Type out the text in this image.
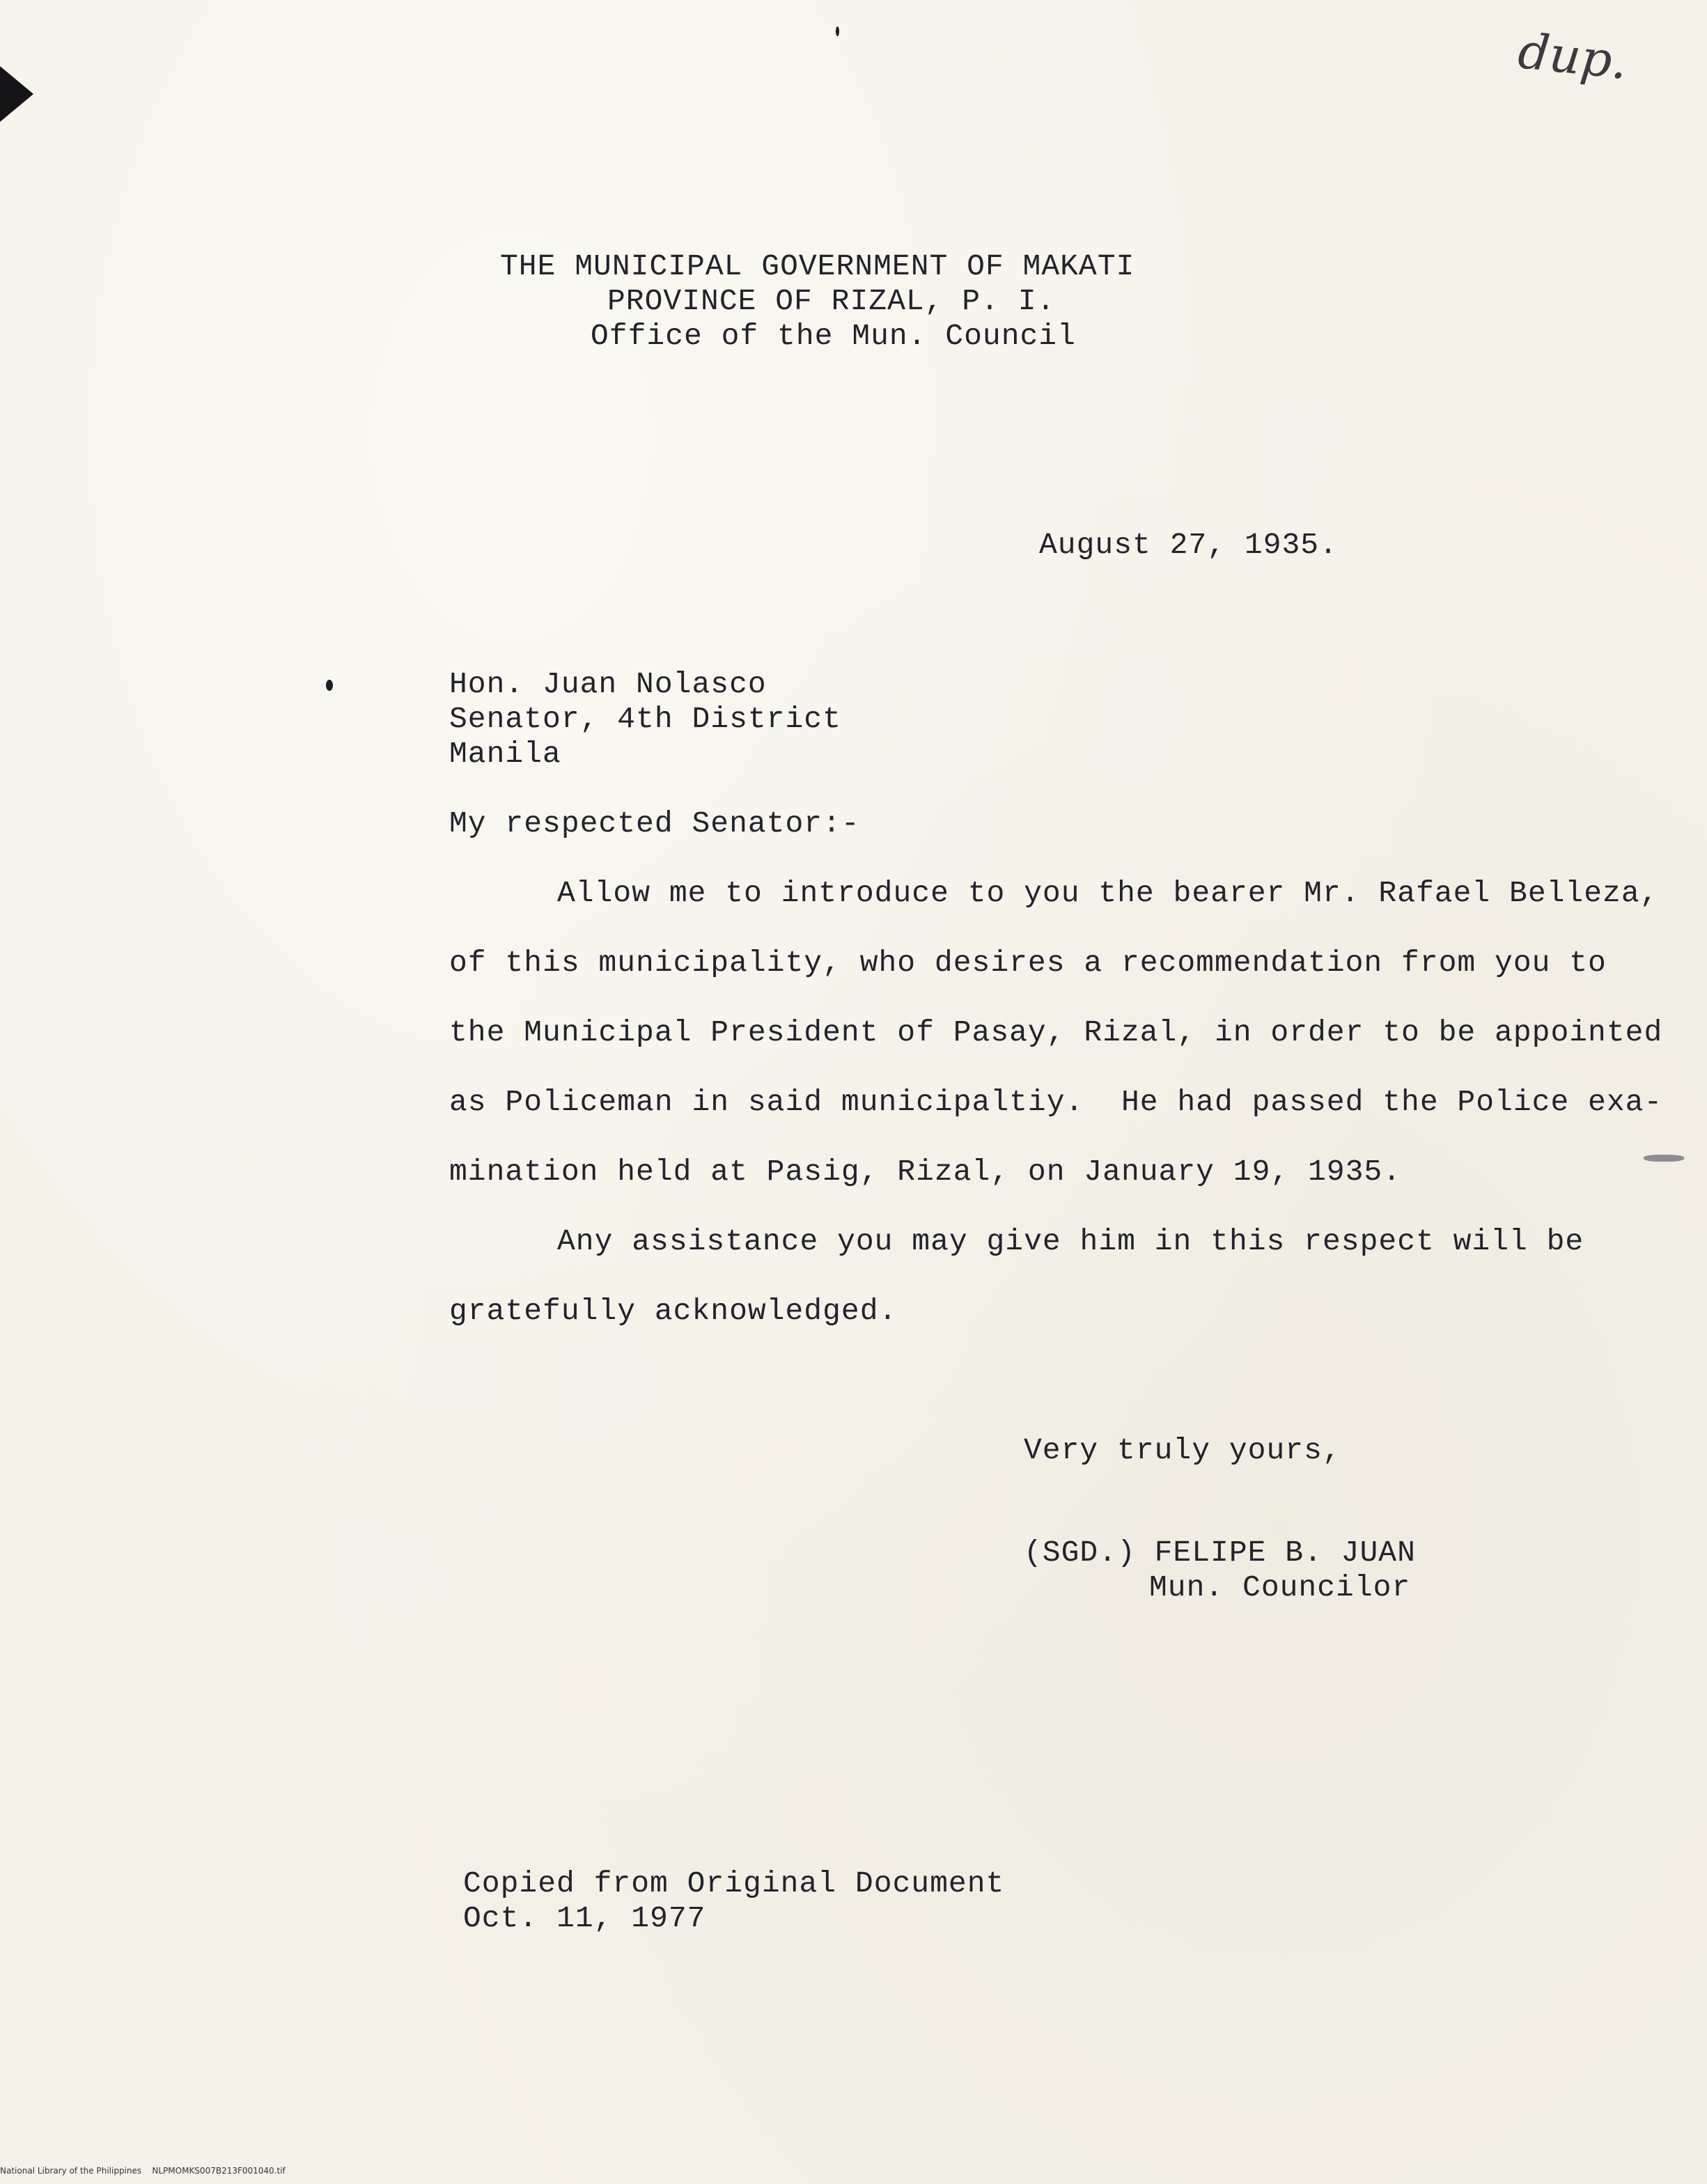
dup.
THE MUNICIPAL GOVERNMENT OF MAKATI
PROVINCE OF RIZAL, P. I.
Office of the Mun. Council
August 27, 1935.
Hon. Juan Nolasco
Senator, 4th District
Manila
My respected Senator:-
Allow me to introduce to you the bearer Mr. Rafael Belleza,
of this municipality, who desires a recommendation from you to
the Municipal President of Pasay, Rizal, in order to be appointed
as Policeman in said municipaltiy.  He had passed the Police exa-
mination held at Pasig, Rizal, on January 19, 1935.
Any assistance you may give him in this respect will be
gratefully acknowledged.
Very truly yours,
(SGD.) FELIPE B. JUAN
Mun. Councilor
Copied from Original Document
Oct. 11, 1977
National Library of the Philippines    NLPMOMKS007B213F001040.tif
